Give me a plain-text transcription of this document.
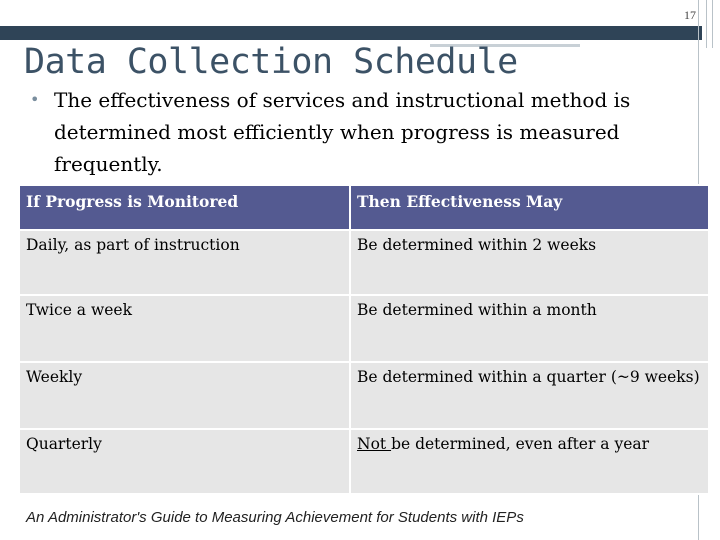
17
Data Collection Schedule
• The effectiveness of services and instructional method is determined most efficiently when progress is measured frequently.
If Progress is Monitored	Then Effectiveness May
Daily, as part of instruction	Be determined within 2 weeks
Twice a week	Be determined within a month
Weekly	Be determined within a quarter (~9 weeks)
Quarterly	Not be determined, even after a year
An Administrator's Guide to Measuring Achievement for Students with IEPs
